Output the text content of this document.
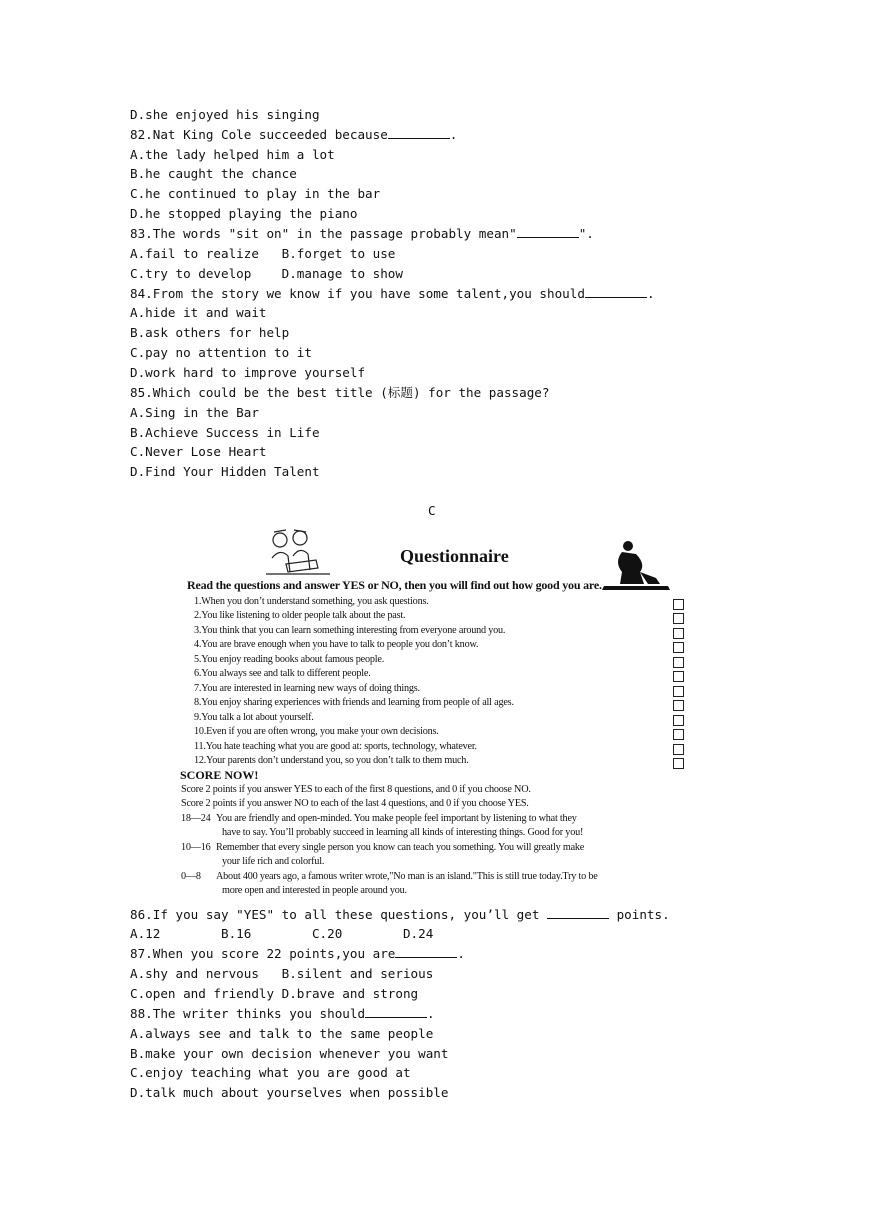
D.she enjoyed his singing
82.Nat King Cole succeeded because	.
A.the lady helped him a lot
B.he caught the chance
C.he continued to play in the bar
D.he stopped playing the piano
83.The words "sit on" in the passage probably mean"	".
A.fail to realize   B.forget to use
C.try to develop    D.manage to show
84.From the story we know if you have some talent,you should	.
A.hide it and wait
B.ask others for help
C.pay no attention to it
D.work hard to improve yourself
85.Which could be the best title (标题) for the passage?
A.Sing in the Bar
B.Achieve Success in Life
C.Never Lose Heart
D.Find Your Hidden Talent
C
Questionnaire
Read the questions and answer YES or NO, then you will find out how good you are.
1.When you don’t understand something, you ask questions.
2.You like listening to older people talk about the past.
3.You think that you can learn something interesting from everyone around you.
4.You are brave enough when you have to talk to people you don’t know.
5.You enjoy reading books about famous people.
6.You always see and talk to different people.
7.You are interested in learning new ways of doing things.
8.You enjoy sharing experiences with friends and learning from people of all ages.
9.You talk a lot about yourself.
10.Even if you are often wrong, you make your own decisions.
11.You hate teaching what you are good at: sports, technology, whatever.
12.Your parents don’t understand you, so you don’t talk to them much.
SCORE NOW!
Score 2 points if you answer YES to each of the first 8 questions, and 0 if you choose NO.
Score 2 points if you answer NO to each of the last 4 questions, and 0 if you choose YES.
18—24 You are friendly and open-minded. You make people feel important by listening to what they
have to say. You’ll probably succeed in learning all kinds of interesting things. Good for you!
10—16 Remember that every single person you know can teach you something. You will greatly make
your life rich and colorful.
0—8 About 400 years ago, a famous writer wrote,"No man is an island."This is still true today.Try to be
more open and interested in people around you.
86.If you say "YES" to all these questions, you’ll get	points.
A.12        B.16        C.20        D.24
87.When you score 22 points,you are	.
A.shy and nervous   B.silent and serious
C.open and friendly D.brave and strong
88.The writer thinks you should	.
A.always see and talk to the same people
B.make your own decision whenever you want
C.enjoy teaching what you are good at
D.talk much about yourselves when possible
